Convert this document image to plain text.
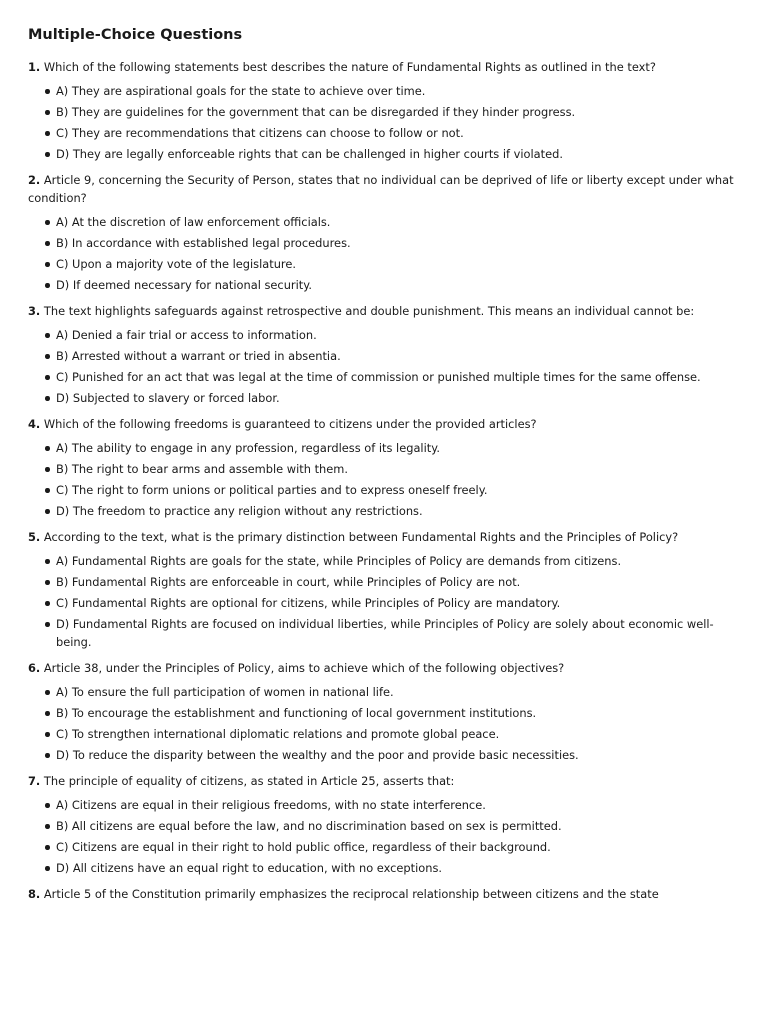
Multiple-Choice Questions

1. Which of the following statements best describes the nature of Fundamental Rights as outlined in the text?

A) They are aspirational goals for the state to achieve over time.
B) They are guidelines for the government that can be disregarded if they hinder progress.
C) They are recommendations that citizens can choose to follow or not.
D) They are legally enforceable rights that can be challenged in higher courts if violated.

2. Article 9, concerning the Security of Person, states that no individual can be deprived of life or liberty except under what condition?

A) At the discretion of law enforcement officials.
B) In accordance with established legal procedures.
C) Upon a majority vote of the legislature.
D) If deemed necessary for national security.

3. The text highlights safeguards against retrospective and double punishment. This means an individual cannot be:

A) Denied a fair trial or access to information.
B) Arrested without a warrant or tried in absentia.
C) Punished for an act that was legal at the time of commission or punished multiple times for the same offense.
D) Subjected to slavery or forced labor.

4. Which of the following freedoms is guaranteed to citizens under the provided articles?

A) The ability to engage in any profession, regardless of its legality.
B) The right to bear arms and assemble with them.
C) The right to form unions or political parties and to express oneself freely.
D) The freedom to practice any religion without any restrictions.

5. According to the text, what is the primary distinction between Fundamental Rights and the Principles of Policy?

A) Fundamental Rights are goals for the state, while Principles of Policy are demands from citizens.
B) Fundamental Rights are enforceable in court, while Principles of Policy are not.
C) Fundamental Rights are optional for citizens, while Principles of Policy are mandatory.
D) Fundamental Rights are focused on individual liberties, while Principles of Policy are solely about economic well-being.

6. Article 38, under the Principles of Policy, aims to achieve which of the following objectives?

A) To ensure the full participation of women in national life.
B) To encourage the establishment and functioning of local government institutions.
C) To strengthen international diplomatic relations and promote global peace.
D) To reduce the disparity between the wealthy and the poor and provide basic necessities.

7. The principle of equality of citizens, as stated in Article 25, asserts that:

A) Citizens are equal in their religious freedoms, with no state interference.
B) All citizens are equal before the law, and no discrimination based on sex is permitted.
C) Citizens are equal in their right to hold public office, regardless of their background.
D) All citizens have an equal right to education, with no exceptions.

8. Article 5 of the Constitution primarily emphasizes the reciprocal relationship between citizens and the state
